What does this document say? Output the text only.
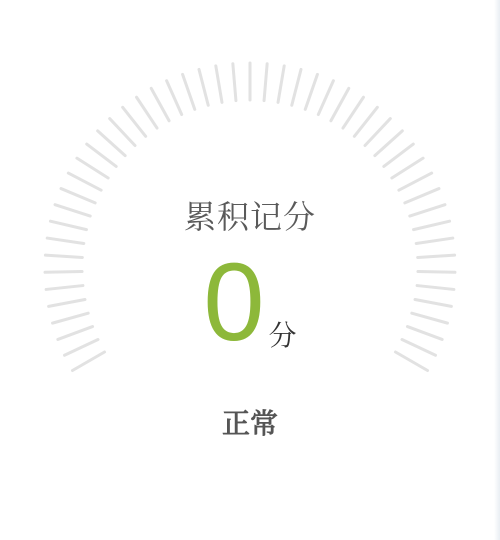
累积记分
0 分
正常
